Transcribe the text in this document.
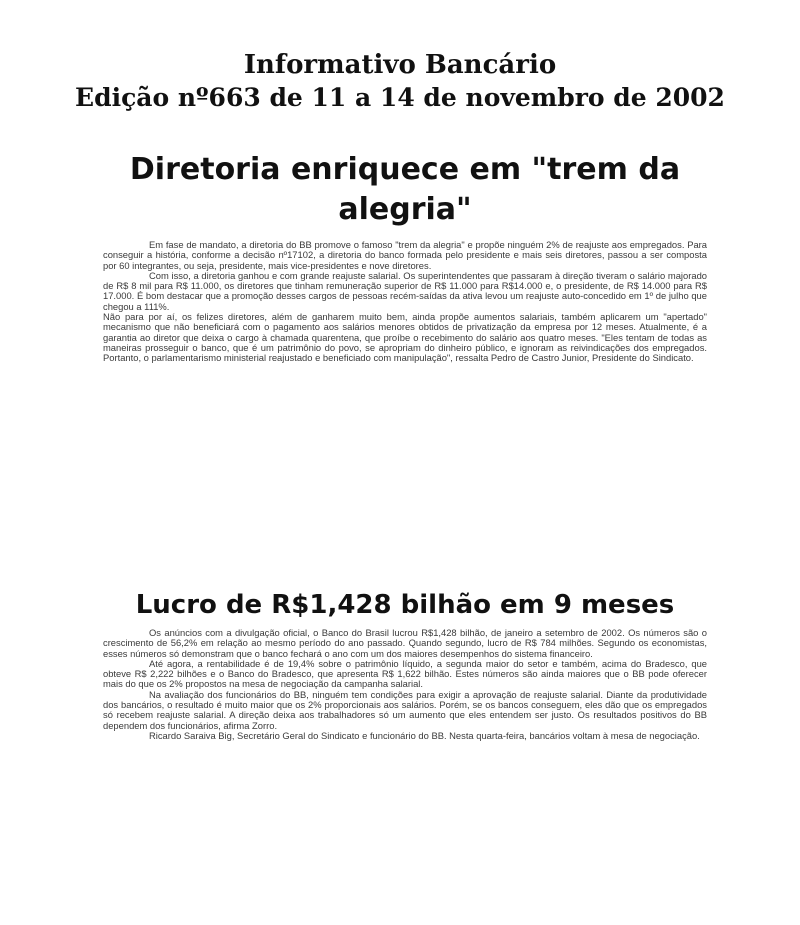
Informativo Bancário
Edição nº663 de 11 a 14 de novembro de 2002
Diretoria enriquece em "trem da alegria"

Em fase de mandato, a diretoria do BB promove o famoso "trem da alegria" e propõe ninguém 2% de reajuste aos empregados. Para conseguir a história, conforme a decisão nº17102, a diretoria do banco formada pelo presidente e mais seis diretores, passou a ser composta por 60 integrantes, ou seja, presidente, mais vice-presidentes e nove diretores.

Com isso, a diretoria ganhou e com grande reajuste salarial. Os superintendentes que passaram à direção tiveram o salário majorado de R$ 8 mil para R$ 11.000, os diretores que tinham remuneração superior de R$ 11.000 para R$14.000 e, o presidente, de R$ 14.000 para R$ 17.000. É bom destacar que a promoção desses cargos de pessoas recém-saídas da ativa levou um reajuste auto-concedido em 1º de julho que chegou a 111%.

Não para por aí, os felizes diretores, além de ganharem muito bem, ainda propõe aumentos salariais, também aplicarem um "apertado" mecanismo que não beneficiará com o pagamento aos salários menores obtidos de privatização da empresa por 12 meses. Atualmente, é a garantia ao diretor que deixa o cargo à chamada quarentena, que proíbe o recebimento do salário aos quatro meses. "Eles tentam de todas as maneiras prosseguir o banco, que é um patrimônio do povo, se apropriam do dinheiro público, e ignoram as reivindicações dos empregados. Portanto, o parlamentarismo ministerial reajustado e beneficiado com manipulação", ressalta Pedro de Castro Junior, Presidente do Sindicato.

Lucro de R$1,428 bilhão em 9 meses

Os anúncios com a divulgação oficial, o Banco do Brasil lucrou R$1,428 bilhão, de janeiro a setembro de 2002. Os números são o crescimento de 56,2% em relação ao mesmo período do ano passado. Quando segundo, lucro de R$ 784 milhões. Segundo os economistas, esses números só demonstram que o banco fechará o ano com um dos maiores desempenhos do sistema financeiro.

Até agora, a rentabilidade é de 19,4% sobre o patrimônio líquido, a segunda maior do setor e também, acima do Bradesco, que obteve R$ 2,222 bilhões e o Banco do Bradesco, que apresenta R$ 1,622 bilhão. Estes números são ainda maiores que o BB pode oferecer mais do que os 2% propostos na mesa de negociação da campanha salarial.

Na avaliação dos funcionários do BB, ninguém tem condições para exigir a aprovação de reajuste salarial. Diante da produtividade dos bancários, o resultado é muito maior que os 2% proporcionais aos salários. Porém, se os bancos conseguem, eles dão que os empregados só recebem reajuste salarial. A direção deixa aos trabalhadores só um aumento que eles entendem ser justo. Os resultados positivos do BB dependem dos funcionários, afirma Zorro.

Ricardo Saraiva Big, Secretário Geral do Sindicato e funcionário do BB. Nesta quarta-feira, bancários voltam à mesa de negociação.
